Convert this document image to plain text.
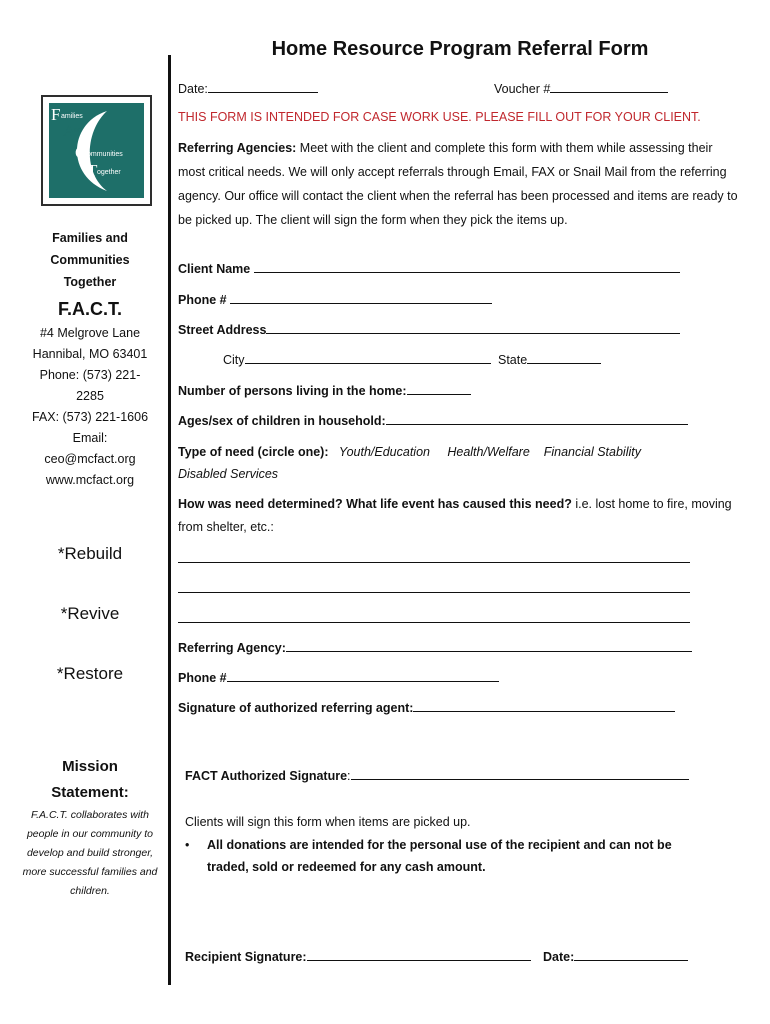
Home Resource Program Referral Form
Date:	Voucher #
THIS FORM IS INTENDED FOR CASE WORK USE. PLEASE FILL OUT FOR YOUR CLIENT.
Referring Agencies: Meet with the client and complete this form with them while assessing their most critical needs. We will only accept referrals through Email, FAX or Snail Mail from the referring agency. Our office will contact the client when the referral has been processed and items are ready to be picked up. The client will sign the form when they pick the items up.
Client Name
Phone #
Street Address
City	State
Number of persons living in the home:
Ages/sex of children in household:
Type of need (circle one): Youth/Education Health/Welfare Financial Stability
Disabled Services
How was need determined? What life event has caused this need? i.e. lost home to fire, moving from shelter, etc.:
Referring Agency:
Phone #
Signature of authorized referring agent:
FACT Authorized Signature:
Clients will sign this form when items are picked up.
• All donations are intended for the personal use of the recipient and can not be traded, sold or redeemed for any cash amount.
Recipient Signature:	Date:
F amilies
A
nd
C ommunities
T ogether
Families and
Communities
Together
F.A.C.T.
#4 Melgrove Lane
Hannibal, MO 63401
Phone: (573) 221-
2285
FAX: (573) 221-1606
Email:
ceo@mcfact.org
www.mcfact.org
*Rebuild
*Revive
*Restore
Mission
Statement:
F.A.C.T. collaborates with people in our community to develop and build stronger, more successful families and children.
